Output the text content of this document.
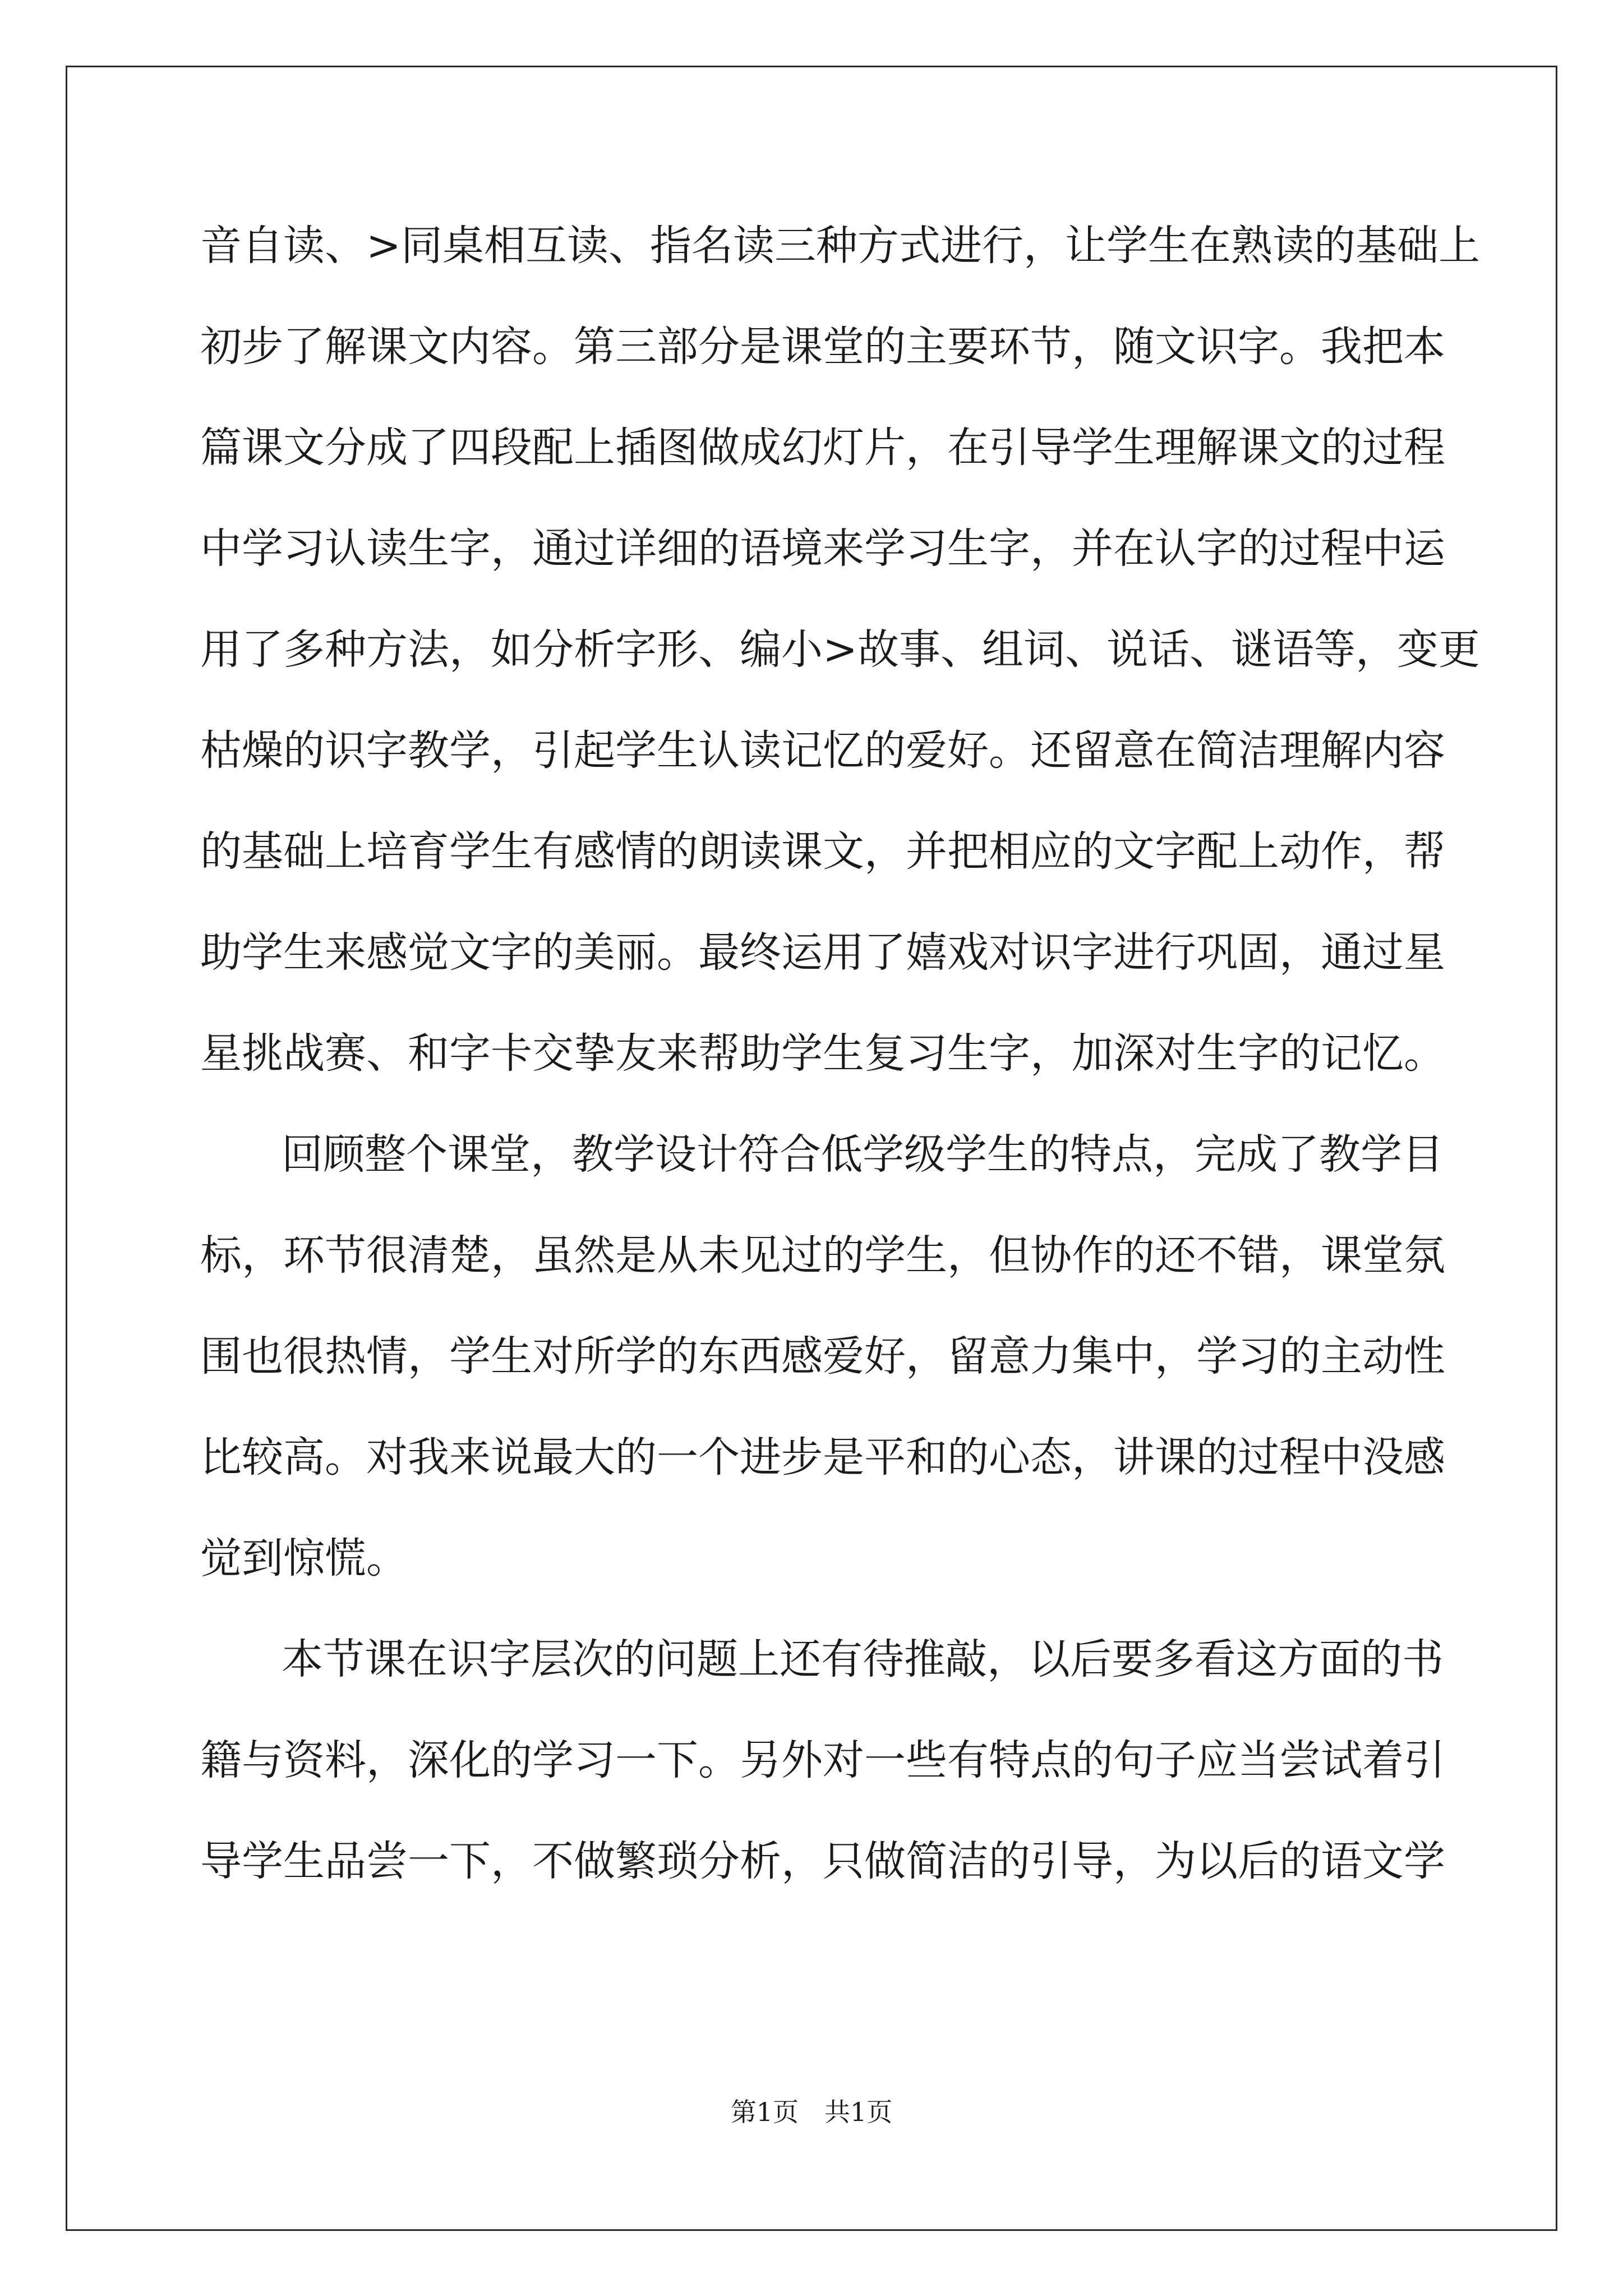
音自读、>同桌相互读、指名读三种方式进行，让学生在熟读的基础上
初步了解课文内容。第三部分是课堂的主要环节，随文识字。我把本
篇课文分成了四段配上插图做成幻灯片，在引导学生理解课文的过程
中学习认读生字，通过详细的语境来学习生字，并在认字的过程中运
用了多种方法，如分析字形、编小>故事、组词、说话、谜语等，变更
枯燥的识字教学，引起学生认读记忆的爱好。还留意在简洁理解内容
的基础上培育学生有感情的朗读课文，并把相应的文字配上动作，帮
助学生来感觉文字的美丽。最终运用了嬉戏对识字进行巩固，通过星
星挑战赛、和字卡交挚友来帮助学生复习生字，加深对生字的记忆。
回顾整个课堂，教学设计符合低学级学生的特点，完成了教学目
标，环节很清楚，虽然是从未见过的学生，但协作的还不错，课堂氛
围也很热情，学生对所学的东西感爱好，留意力集中，学习的主动性
比较高。对我来说最大的一个进步是平和的心态，讲课的过程中没感
觉到惊慌。
本节课在识字层次的问题上还有待推敲，以后要多看这方面的书
籍与资料，深化的学习一下。另外对一些有特点的句子应当尝试着引
导学生品尝一下，不做繁琐分析，只做简洁的引导，为以后的语文学
第1页　共1页
